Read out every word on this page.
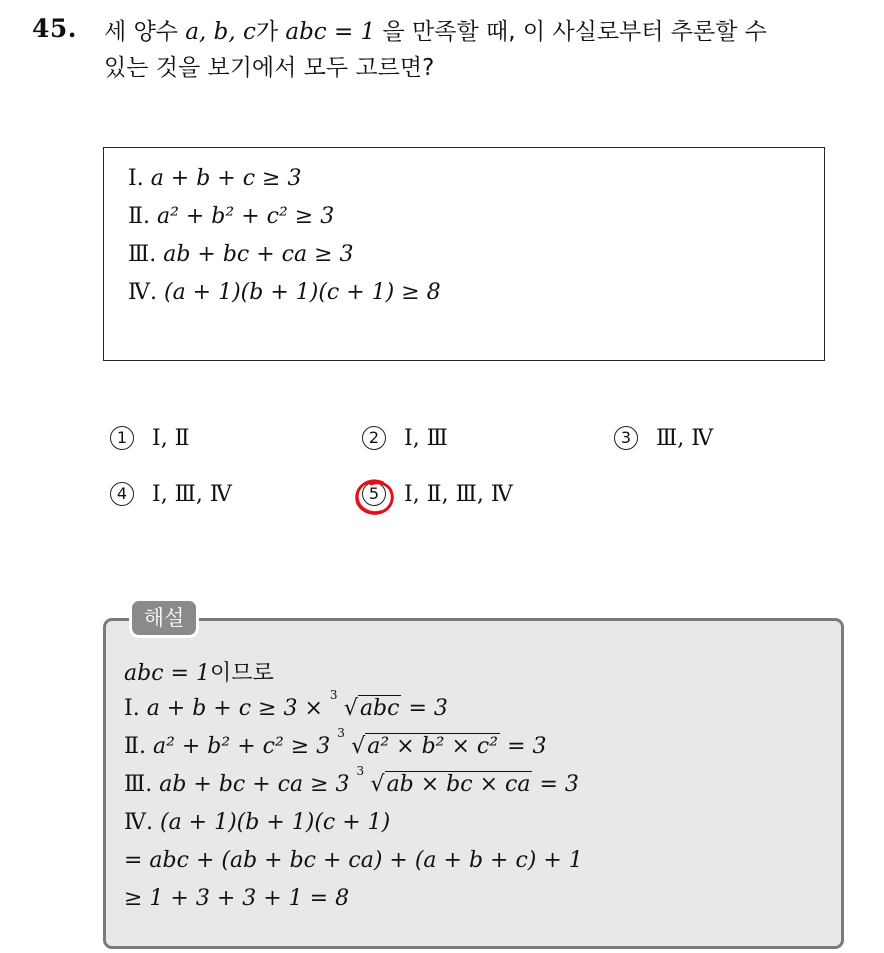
45. 세 양수 a, b, c가 abc = 1 을 만족할 때, 이 사실로부터 추론할 수
있는 것을 보기에서 모두 고르면?
Ⅰ. a + b + c ≥ 3
Ⅱ. a² + b² + c² ≥ 3
Ⅲ. ab + bc + ca ≥ 3
Ⅳ. (a + 1)(b + 1)(c + 1) ≥ 8
1 Ⅰ, Ⅱ	2 Ⅰ, Ⅲ	3 Ⅲ, Ⅳ
4 Ⅰ, Ⅲ, Ⅳ	5 Ⅰ, Ⅱ, Ⅲ, Ⅳ
해설
abc = 1이므로
Ⅰ. a + b + c ≥ 3 ×
3
√abc = 3
Ⅱ. a² + b² + c² ≥ 3
3
√a² × b² × c² = 3
Ⅲ. ab + bc + ca ≥ 3
3
√ab × bc × ca = 3
Ⅳ. (a + 1)(b + 1)(c + 1)
= abc + (ab + bc + ca) + (a + b + c) + 1
≥ 1 + 3 + 3 + 1 = 8
